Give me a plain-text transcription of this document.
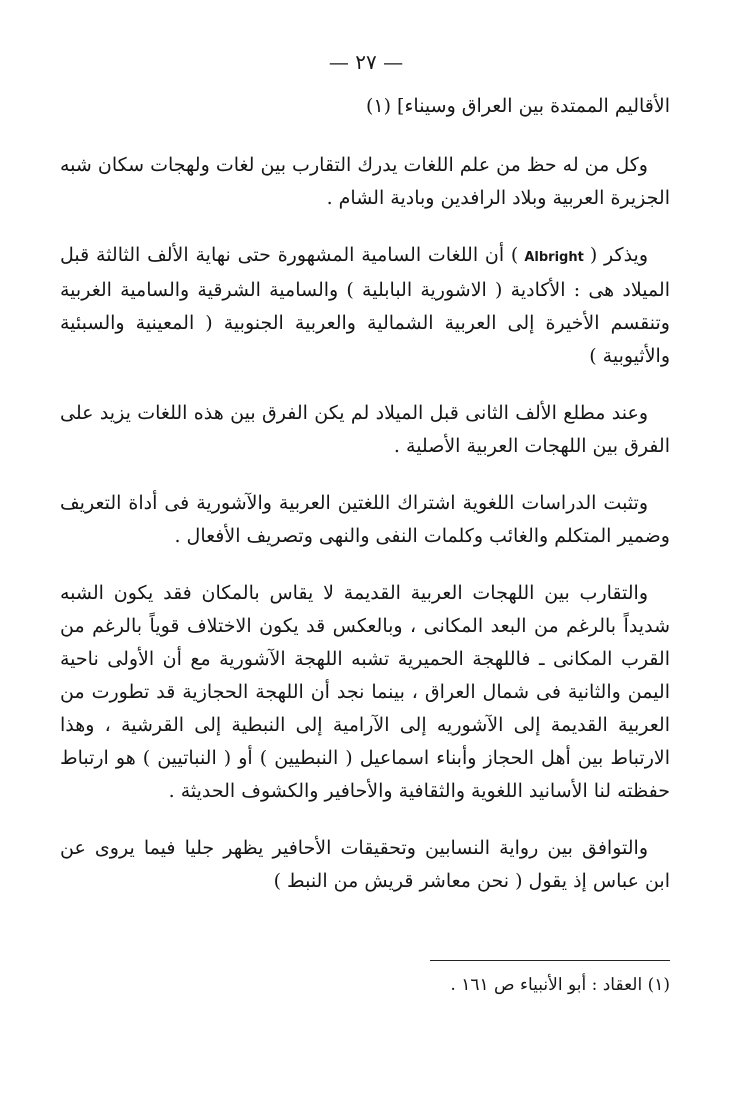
— ٢٧ —

الأقاليم الممتدة بين العراق وسيناء] (١)

وكل من له حظ من علم اللغات يدرك التقارب بين لغات ولهجات سكان شبه الجزيرة العربية وبلاد الرافدين وبادية الشام .

ويذكر (Albright) أن اللغات السامية المشهورة حتى نهاية الألف الثالثة قبل الميلاد هى : الأكادية ( الاشورية البابلية ) والسامية الشرقية والسامية الغربية وتنقسم الأخيرة إلى العربية الشمالية والعربية الجنوبية ( المعينية والسبئية والأثيوبية )

وعند مطلع الألف الثانى قبل الميلاد لم يكن الفرق بين هذه اللغات يزيد على الفرق بين اللهجات العربية الأصلية .

وتثبت الدراسات اللغوية اشتراك اللغتين العربية والآشورية فى أداة التعريف وضمير المتكلم والغائب وكلمات النفى والنهى وتصريف الأفعال .

والتقارب بين اللهجات العربية القديمة لا يقاس بالمكان فقد يكون الشبه شديداً بالرغم من البعد المكانى ، وبالعكس قد يكون الاختلاف قوياً بالرغم من القرب المكانى ـ فاللهجة الحميرية تشبه اللهجة الآشورية مع أن الأولى ناحية اليمن والثانية فى شمال العراق ، بينما نجد أن اللهجة الحجازية قد تطورت من العربية القديمة إلى الآشوريه إلى الآرامية إلى النبطية إلى القرشية ، وهذا الارتباط بين أهل الحجاز وأبناء اسماعيل ( النبطيين ) أو ( النباتيين ) هو ارتباط حفظته لنا الأسانيد اللغوية والثقافية والأحافير والكشوف الحديثة .

والتوافق بين رواية النسابين وتحقيقات الأحافير يظهر جليا فيما يروى عن ابن عباس إذ يقول ( نحن معاشر قريش من النبط )

(١) العقاد : أبو الأنبياء ص ١٦١ .
